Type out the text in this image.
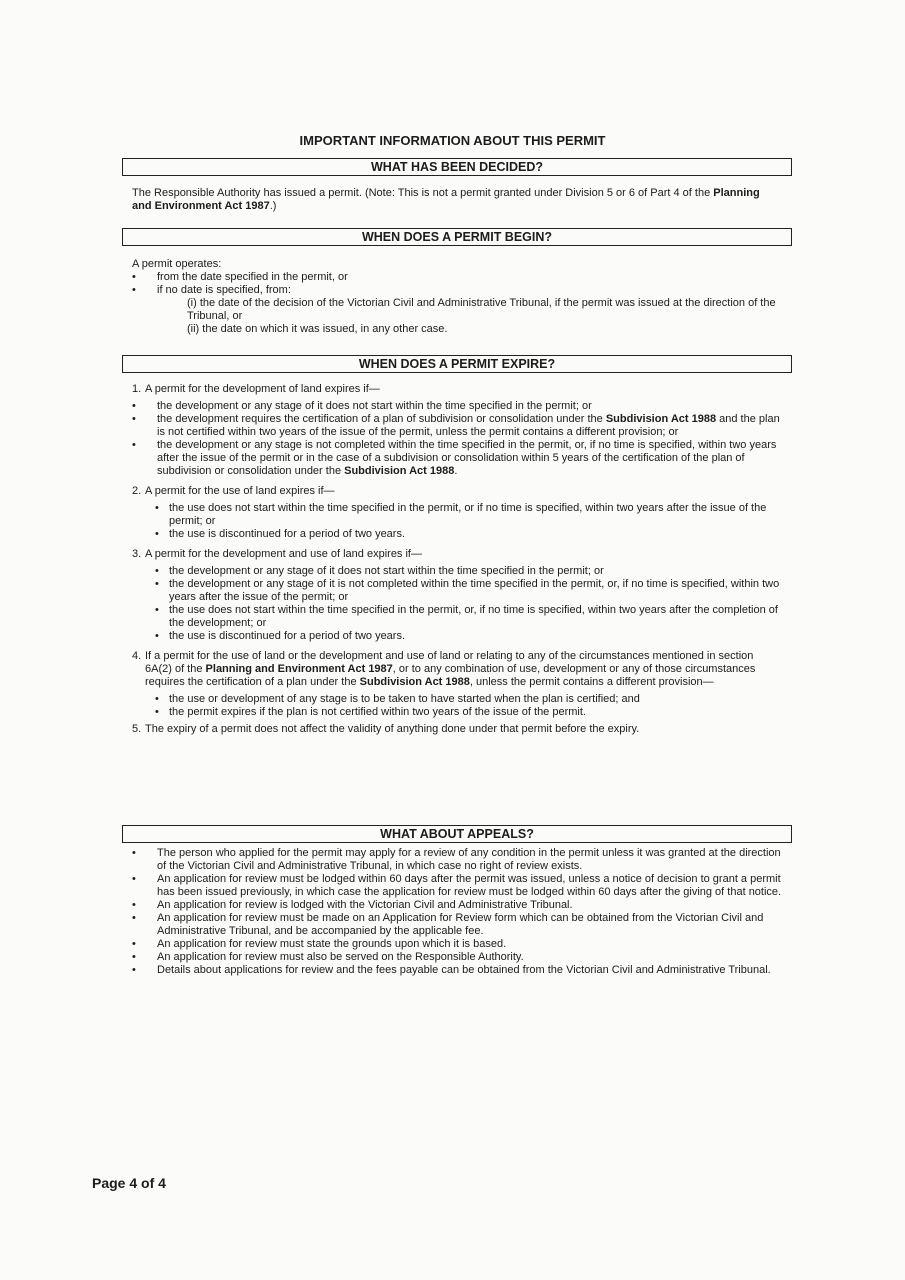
IMPORTANT INFORMATION ABOUT THIS PERMIT
WHAT HAS BEEN DECIDED?

The Responsible Authority has issued a permit. (Note: This is not a permit granted under Division 5 or 6 of Part 4 of the Planning and Environment Act 1987.)

WHEN DOES A PERMIT BEGIN?

A permit operates:

• from the date specified in the permit, or

• if no date is specified, from:

(i) the date of the decision of the Victorian Civil and Administrative Tribunal, if the permit was issued at the direction of the Tribunal, or

(ii) the date on which it was issued, in any other case.

WHEN DOES A PERMIT EXPIRE?

1. A permit for the development of land expires if—

• the development or any stage of it does not start within the time specified in the permit; or

• the development requires the certification of a plan of subdivision or consolidation under the Subdivision Act 1988 and the plan is not certified within two years of the issue of the permit, unless the permit contains a different provision; or

• the development or any stage is not completed within the time specified in the permit, or, if no time is specified, within two years after the issue of the permit or in the case of a subdivision or consolidation within 5 years of the certification of the plan of subdivision or consolidation under the Subdivision Act 1988.

2. A permit for the use of land expires if—

• the use does not start within the time specified in the permit, or if no time is specified, within two years after the issue of the permit; or

• the use is discontinued for a period of two years.

3. A permit for the development and use of land expires if—

• the development or any stage of it does not start within the time specified in the permit; or

• the development or any stage of it is not completed within the time specified in the permit, or, if no time is specified, within two years after the issue of the permit; or

• the use does not start within the time specified in the permit, or, if no time is specified, within two years after the completion of the development; or

• the use is discontinued for a period of two years.

4. If a permit for the use of land or the development and use of land or relating to any of the circumstances mentioned in section 6A(2) of the Planning and Environment Act 1987, or to any combination of use, development or any of those circumstances requires the certification of a plan under the Subdivision Act 1988, unless the permit contains a different provision—

• the use or development of any stage is to be taken to have started when the plan is certified; and

• the permit expires if the plan is not certified within two years of the issue of the permit.

5. The expiry of a permit does not affect the validity of anything done under that permit before the expiry.

WHAT ABOUT APPEALS?

• The person who applied for the permit may apply for a review of any condition in the permit unless it was granted at the direction of the Victorian Civil and Administrative Tribunal, in which case no right of review exists.

• An application for review must be lodged within 60 days after the permit was issued, unless a notice of decision to grant a permit has been issued previously, in which case the application for review must be lodged within 60 days after the giving of that notice.

• An application for review is lodged with the Victorian Civil and Administrative Tribunal.

• An application for review must be made on an Application for Review form which can be obtained from the Victorian Civil and Administrative Tribunal, and be accompanied by the applicable fee.

• An application for review must state the grounds upon which it is based.

• An application for review must also be served on the Responsible Authority.

• Details about applications for review and the fees payable can be obtained from the Victorian Civil and Administrative Tribunal.

Page 4 of 4
